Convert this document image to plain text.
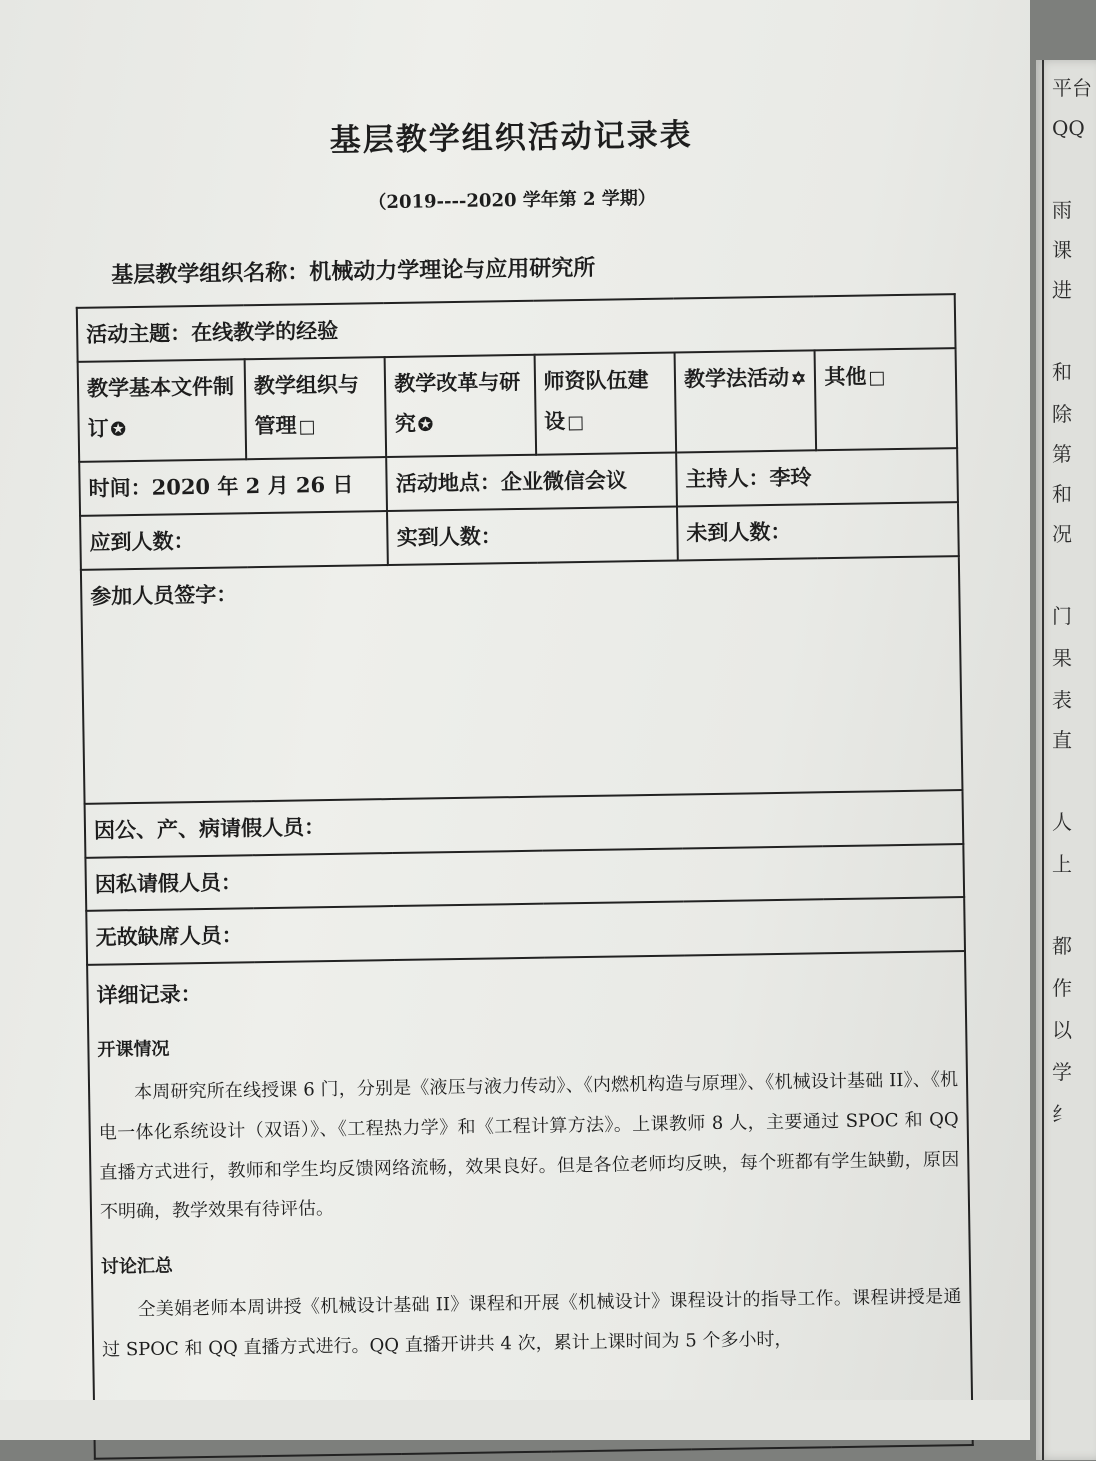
基层教学组织活动记录表
（2019----2020 学年第 2 学期）
基层教学组织名称：机械动力学理论与应用研究所
活动主题：在线教学的经验					
教学基本文件制订✪	教学组织与管理□	教学改革与研究✪	师资队伍建设□	教学法活动✡	其他□
时间：2020 年 2 月 26 日		活动地点：企业微信会议		主持人：李玲	
应到人数：		实到人数：		未到人数：	
参加人员签字：					
因公、产、病请假人员：					
因私请假人员：					
无故缺席人员：					

详细记录：
开课情况

本周研究所在线授课 6 门，分别是《液压与液力传动》、《内燃机构造与原理》、《机械设计基础 II》、《机电一体化系统设计（双语）》、《工程热力学》和《工程计算方法》。上课教师 8 人，主要通过 SPOC 和 QQ 直播方式进行，教师和学生均反馈网络流畅，效果良好。但是各位老师均反映，每个班都有学生缺勤，原因不明确，教学效果有待评估。

讨论汇总

仝美娟老师本周讲授《机械设计基础 II》课程和开展《机械设计》课程设计的指导工作。课程讲授是通过 SPOC 和 QQ 直播方式进行。QQ 直播开讲共 4 次，累计上课时间为 5 个多小时，					

平台
QQ
雨
课
进
和
除
第
和
况
门
果
表
直
人
上
都
作
以
学
纟
